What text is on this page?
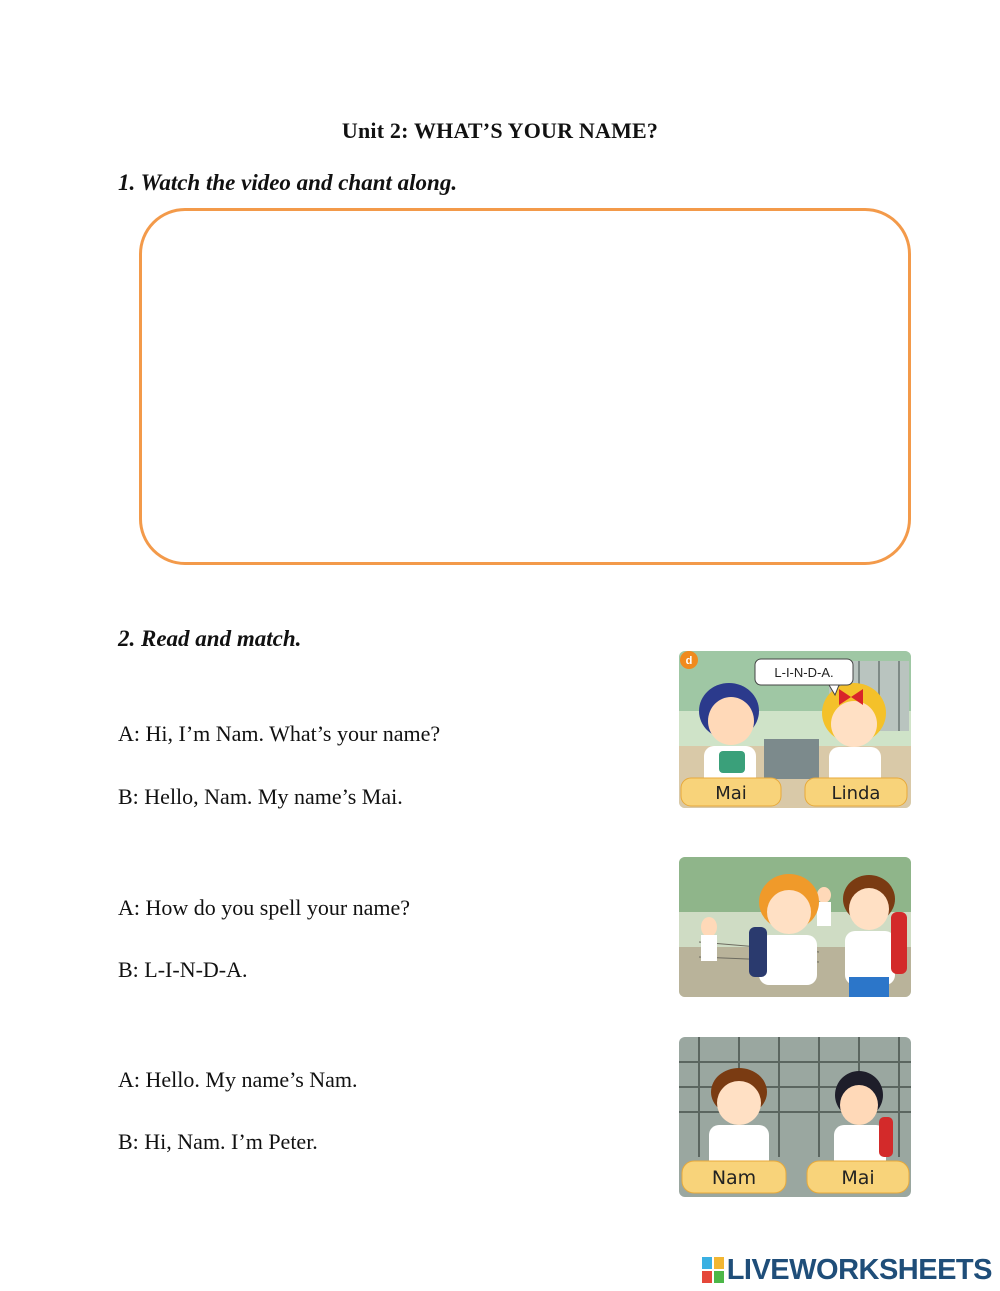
Unit 2: WHAT’S YOUR NAME?
1. Watch the video and chant along.
2. Read and match.
A: Hi, I’m Nam. What’s your name?
B: Hello, Nam. My name’s Mai.
A: How do you spell your name?
B: L-I-N-D-A.
A: Hello. My name’s Nam.
B: Hi, Nam. I’m Peter.
L-I-N-D-A.
d
Mai	Linda
Nam	Mai
LIVEWORKSHEETS
